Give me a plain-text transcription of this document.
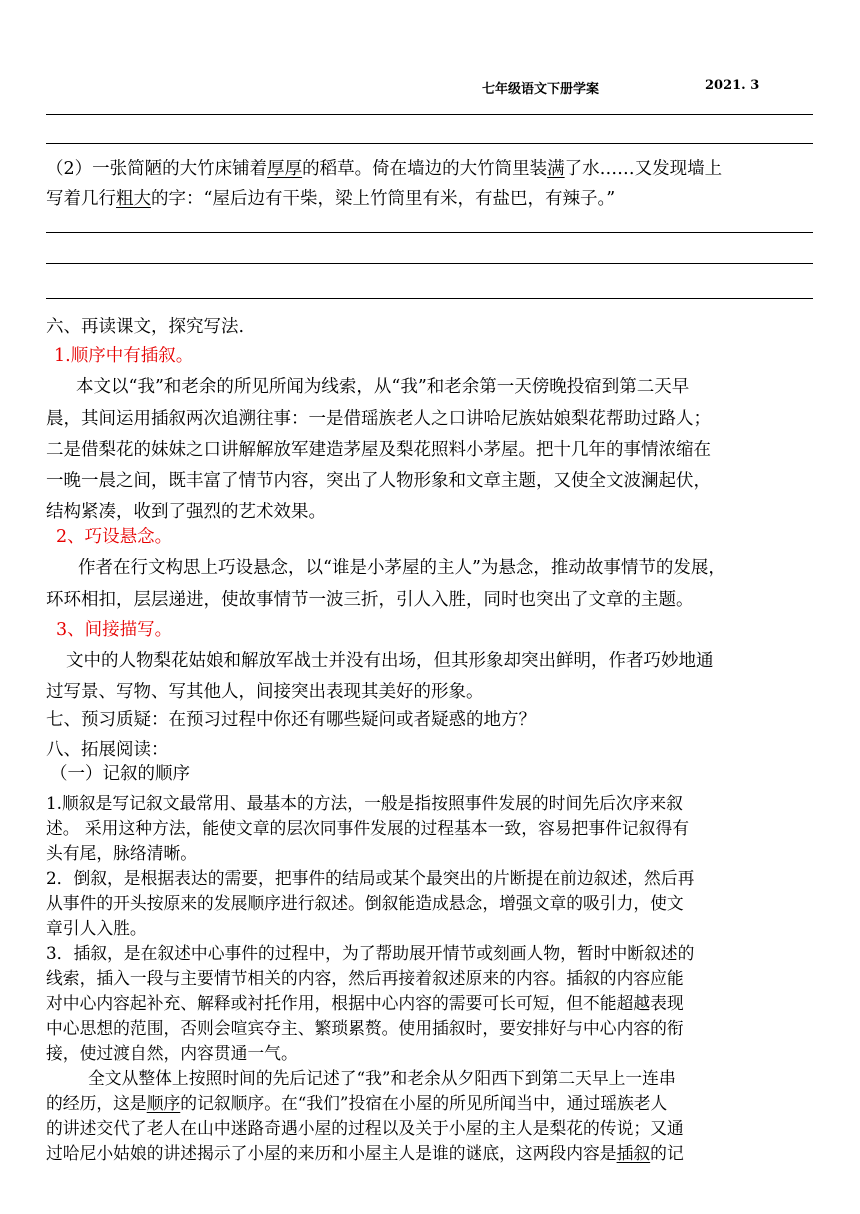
七年级语文下册学案	2021. 3
（2）一张简陋的大竹床铺着厚厚的稻草。倚在墙边的大竹筒里装满了水……又发现墙上
写着几行粗大的字：“屋后边有干柴，梁上竹筒里有米，有盐巴，有辣子。”
六、再读课文，探究写法.
1.顺序中有插叙。
本文以“我”和老余的所见所闻为线索，从“我”和老余第一天傍晚投宿到第二天早
晨，其间运用插叙两次追溯往事：一是借瑶族老人之口讲哈尼族姑娘梨花帮助过路人；
二是借梨花的妹妹之口讲解解放军建造茅屋及梨花照料小茅屋。把十几年的事情浓缩在
一晚一晨之间，既丰富了情节内容，突出了人物形象和文章主题，又使全文波澜起伏，
结构紧凑，收到了强烈的艺术效果。
2、巧设悬念。
作者在行文构思上巧设悬念，以“谁是小茅屋的主人”为悬念，推动故事情节的发展，
环环相扣，层层递进，使故事情节一波三折，引人入胜，同时也突出了文章的主题。
3、间接描写。
文中的人物梨花姑娘和解放军战士并没有出场，但其形象却突出鲜明，作者巧妙地通
过写景、写物、写其他人，间接突出表现其美好的形象。
七、预习质疑：在预习过程中你还有哪些疑问或者疑惑的地方？
八、拓展阅读：
（一）记叙的顺序
1.顺叙是写记叙文最常用、最基本的方法，一般是指按照事件发展的时间先后次序来叙
述。 采用这种方法，能使文章的层次同事件发展的过程基本一致，容易把事件记叙得有
头有尾，脉络清晰。
2．倒叙，是根据表达的需要，把事件的结局或某个最突出的片断提在前边叙述，然后再
从事件的开头按原来的发展顺序进行叙述。倒叙能造成悬念，增强文章的吸引力，使文
章引人入胜。
3．插叙，是在叙述中心事件的过程中，为了帮助展开情节或刻画人物，暂时中断叙述的
线索，插入一段与主要情节相关的内容，然后再接着叙述原来的内容。插叙的内容应能
对中心内容起补充、解释或衬托作用，根据中心内容的需要可长可短，但不能超越表现
中心思想的范围，否则会喧宾夺主、繁琐累赘。使用插叙时，要安排好与中心内容的衔
接，使过渡自然，内容贯通一气。
全文从整体上按照时间的先后记述了“我”和老余从夕阳西下到第二天早上一连串
的经历，这是顺序的记叙顺序。在“我们”投宿在小屋的所见所闻当中，通过瑶族老人
的讲述交代了老人在山中迷路奇遇小屋的过程以及关于小屋的主人是梨花的传说；又通
过哈尼小姑娘的讲述揭示了小屋的来历和小屋主人是谁的谜底，这两段内容是插叙的记
